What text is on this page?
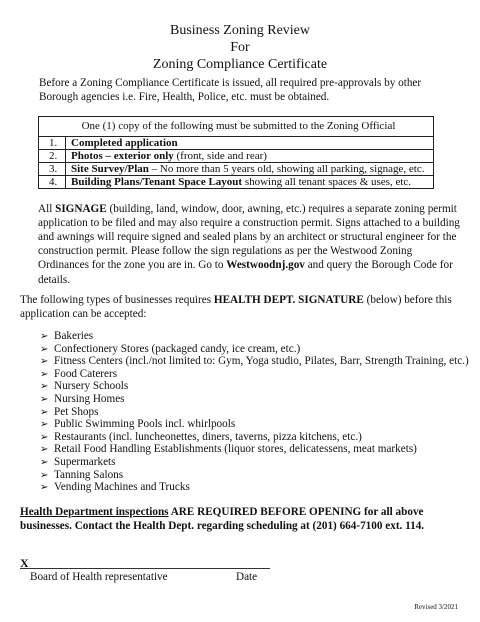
Business Zoning Review
For
Zoning Compliance Certificate
Before a Zoning Compliance Certificate is issued, all required pre-approvals by other Borough agencies i.e. Fire, Health, Police, etc. must be obtained.
One (1) copy of the following must be submitted to the Zoning Official	
1.	Completed application
2.	Photos – exterior only (front, side and rear)
3.	Site Survey/Plan – No more than 5 years old, showing all parking, signage, etc.
4.	Building Plans/Tenant Space Layout showing all tenant spaces & uses, etc.
All SIGNAGE (building, land, window, door, awning, etc.) requires a separate zoning permit application to be filed and may also require a construction permit. Signs attached to a building and awnings will require signed and sealed plans by an architect or structural engineer for the construction permit. Please follow the sign regulations as per the Westwood Zoning Ordinances for the zone you are in. Go to Westwoodnj.gov and query the Borough Code for details.
The following types of businesses requires HEALTH DEPT. SIGNATURE (below) before this application can be accepted:
➢ Bakeries
➢ Confectionery Stores (packaged candy, ice cream, etc.)
➢ Fitness Centers (incl./not limited to: Gym, Yoga studio, Pilates, Barr, Strength Training, etc.)
➢ Food Caterers
➢ Nursery Schools
➢ Nursing Homes
➢ Pet Shops
➢ Public Swimming Pools incl. whirlpools
➢ Restaurants (incl. luncheonettes, diners, taverns, pizza kitchens, etc.)
➢ Retail Food Handling Establishments (liquor stores, delicatessens, meat markets)
➢ Supermarkets
➢ Tanning Salons
➢ Vending Machines and Trucks
Health Department inspections ARE REQUIRED BEFORE OPENING for all above businesses. Contact the Health Dept. regarding scheduling at (201) 664-7100 ext. 114.
X
Board of Health representative	Date
Revised 3/2021
